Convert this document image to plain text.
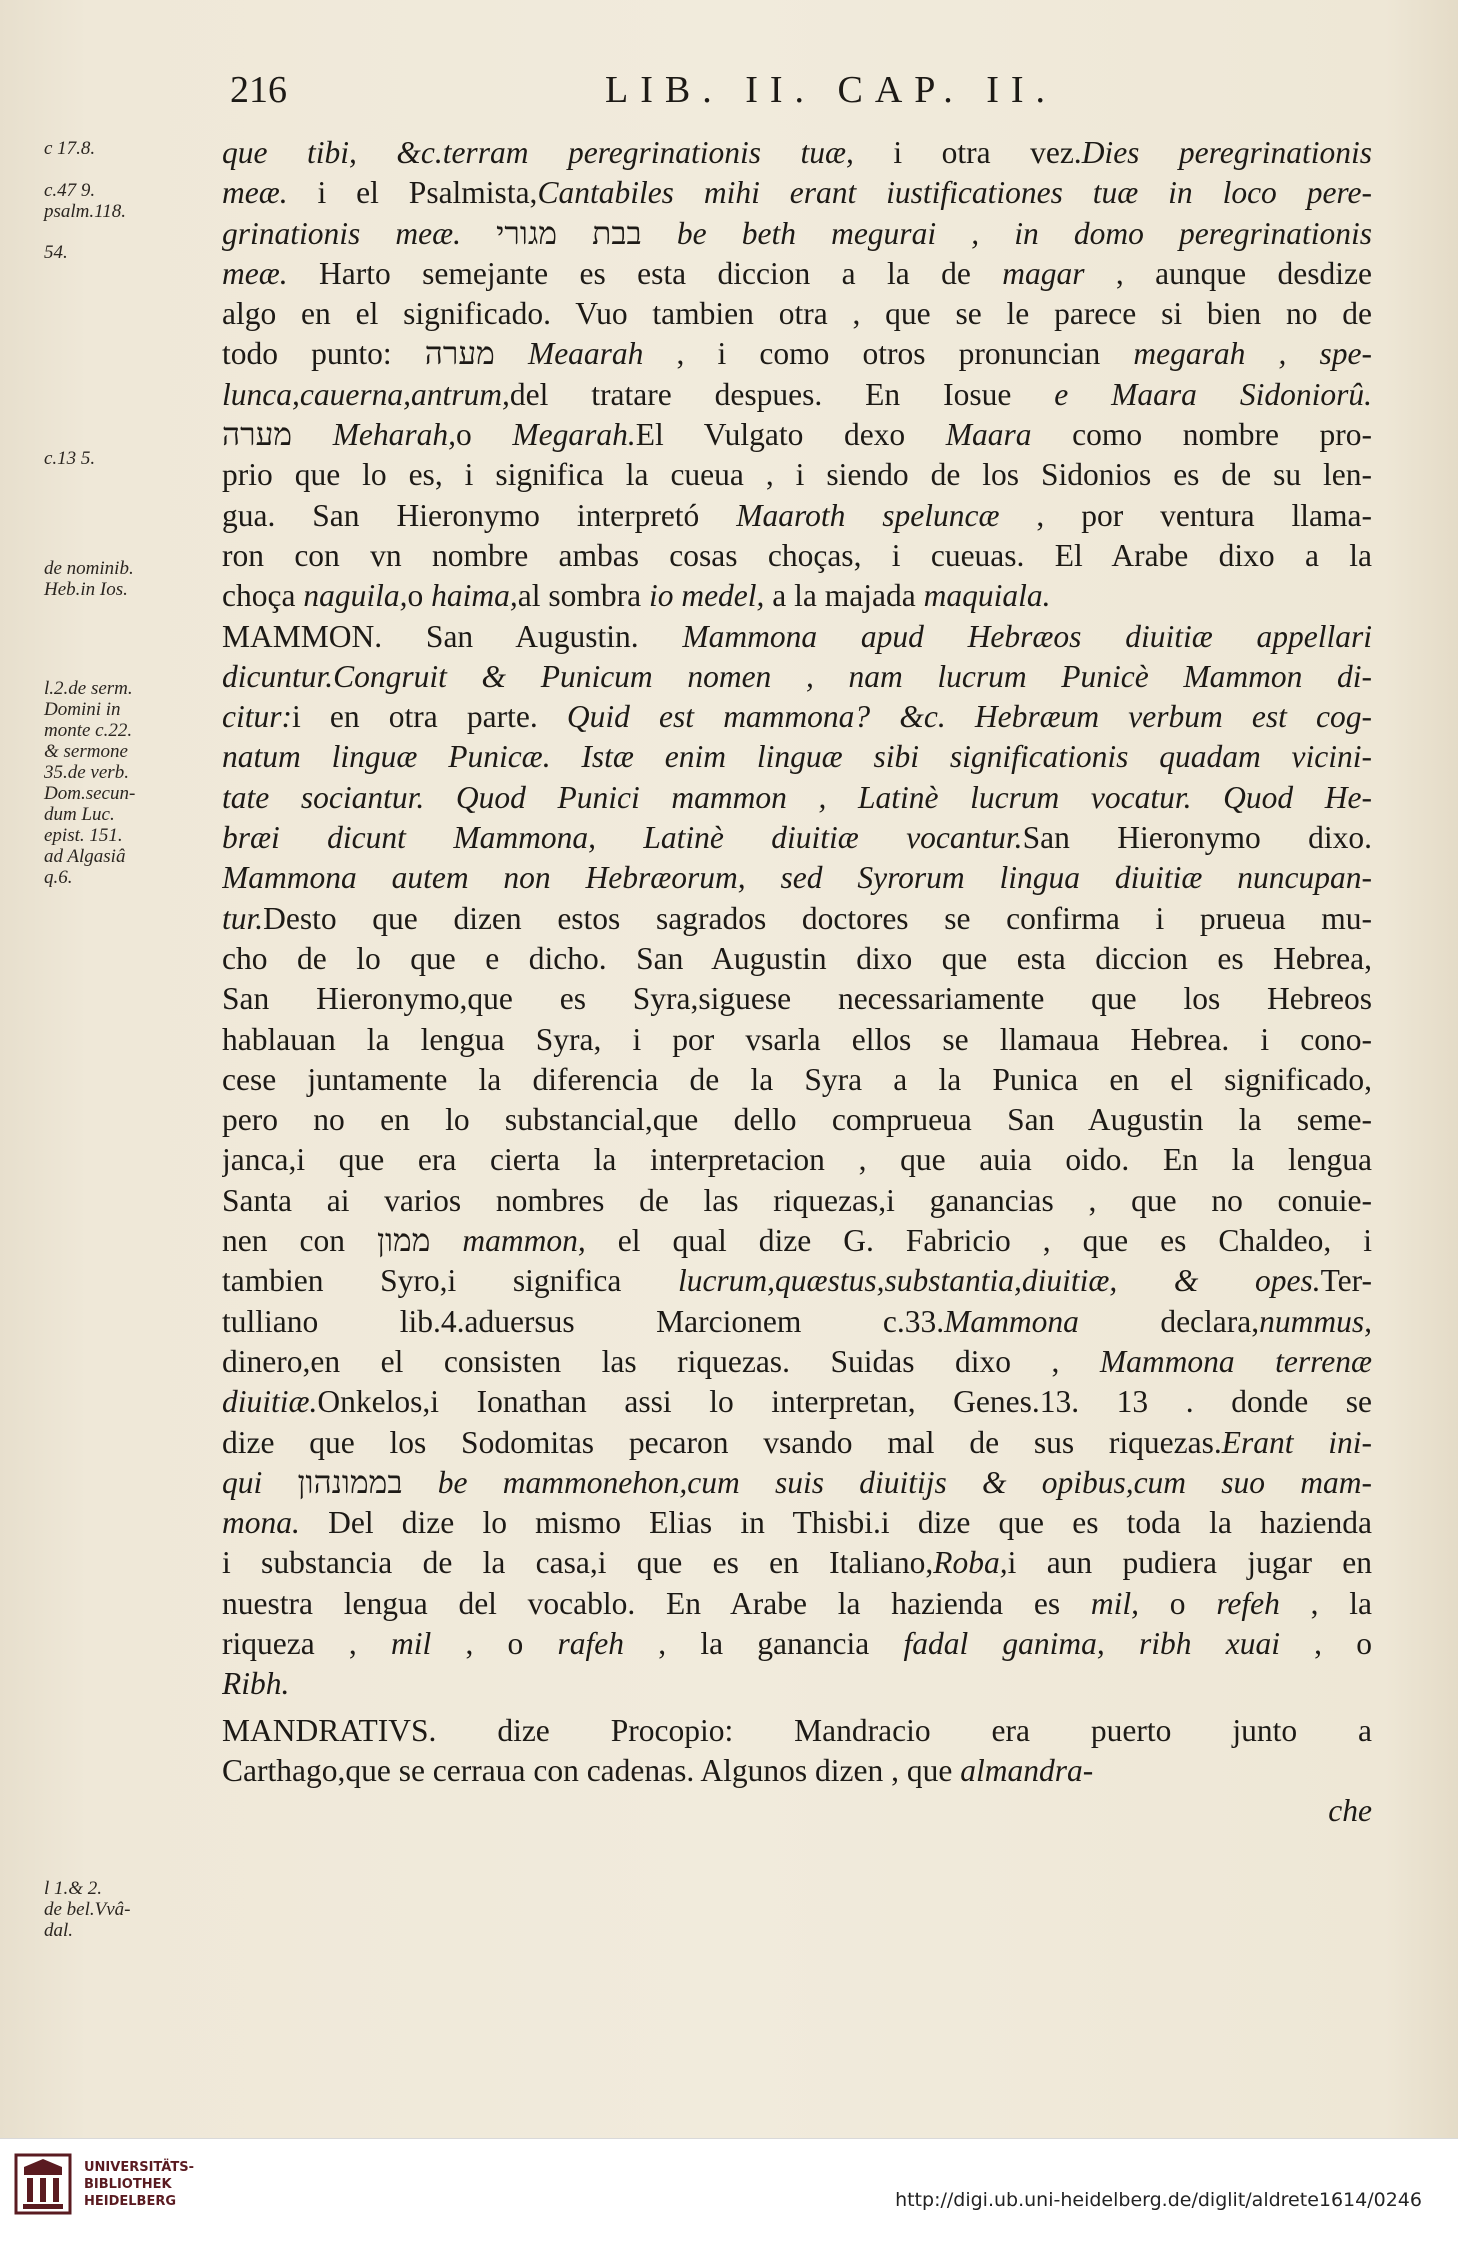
216	LIB. II. CAP. II.
c 17.8.
c.47 9.
psalm.118.
54.
c.13 5.
de nominib.
Heb.in Ios.
l.2.de serm.
Domini in
monte c.22.
& sermone
35.de verb.
Dom.secun-
dum Luc.
epist. 151.
ad Algasiâ
q.6.
l 1.& 2.
de bel.Vvâ-
dal.
que tibi, &c.terram peregrinationis tuæ, i otra vez.Dies peregrinationis
meæ. i el Psalmista,Cantabiles mihi erant iustificationes tuæ in loco pere-
grinationis meæ. בבת מגורי be beth megurai , in domo peregrinationis
meæ. Harto semejante es esta diccion a la de magar , aunque desdize
algo en el significado. Vuo tambien otra , que se le parece si bien no de
todo punto: מערה Meaarah , i como otros pronuncian megarah , spe-
lunca,cauerna,antrum,del tratare despues. En Iosue e Maara Sidoniorû.
מערה Meharah,o Megarah.El Vulgato dexo Maara como nombre pro-
prio que lo es, i significa la cueua , i siendo de los Sidonios es de su len-
gua. San Hieronymo interpretó Maaroth speluncæ , por ventura llama-
ron con vn nombre ambas cosas choças, i cueuas. El Arabe dixo a la
choça naguila,o haima,al sombra io medel, a la majada maquiala.
MAMMON. San Augustin. Mammona apud Hebræos diuitiæ appellari
dicuntur.Congruit & Punicum nomen , nam lucrum Punicè Mammon di-
citur:i en otra parte. Quid est mammona? &c. Hebræum verbum est cog-
natum linguæ Punicæ. Istæ enim linguæ sibi significationis quadam vicini-
tate sociantur. Quod Punici mammon , Latinè lucrum vocatur. Quod He-
bræi dicunt Mammona, Latinè diuitiæ vocantur.San Hieronymo dixo.
Mammona autem non Hebræorum, sed Syrorum lingua diuitiæ nuncupan-
tur.Desto que dizen estos sagrados doctores se confirma i prueua mu-
cho de lo que e dicho. San Augustin dixo que esta diccion es Hebrea,
San Hieronymo,que es Syra,siguese necessariamente que los Hebreos
hablauan la lengua Syra, i por vsarla ellos se llamaua Hebrea. i cono-
cese juntamente la diferencia de la Syra a la Punica en el significado,
pero no en lo substancial,que dello comprueua San Augustin la seme-
janca,i que era cierta la interpretacion , que auia oido. En la lengua
Santa ai varios nombres de las riquezas,i ganancias , que no conuie-
nen con ממון mammon, el qual dize G. Fabricio , que es Chaldeo, i
tambien Syro,i significa lucrum,quæstus,substantia,diuitiæ, & opes.Ter-
tulliano lib.4.aduersus Marcionem c.33.Mammona declara,nummus,
dinero,en el consisten las riquezas. Suidas dixo , Mammona terrenæ
diuitiæ.Onkelos,i Ionathan assi lo interpretan, Genes.13. 13 . donde se
dize que los Sodomitas pecaron vsando mal de sus riquezas.Erant ini-
qui בממונהון be mammonehon,cum suis diuitijs & opibus,cum suo mam-
mona. Del dize lo mismo Elias in Thisbi.i dize que es toda la hazienda
i substancia de la casa,i que es en Italiano,Roba,i aun pudiera jugar en
nuestra lengua del vocablo. En Arabe la hazienda es mil, o refeh , la
riqueza , mil , o rafeh , la ganancia fadal ganima, ribh xuai , o
Ribh.
MANDRATIVS. dize Procopio: Mandracio era puerto junto a
Carthago,que se cerraua con cadenas. Algunos dizen , que almandra-
che
UNIVERSITÄTS-
BIBLIOTHEK
HEIDELBERG	http://digi.ub.uni-heidelberg.de/diglit/aldrete1614/0246
